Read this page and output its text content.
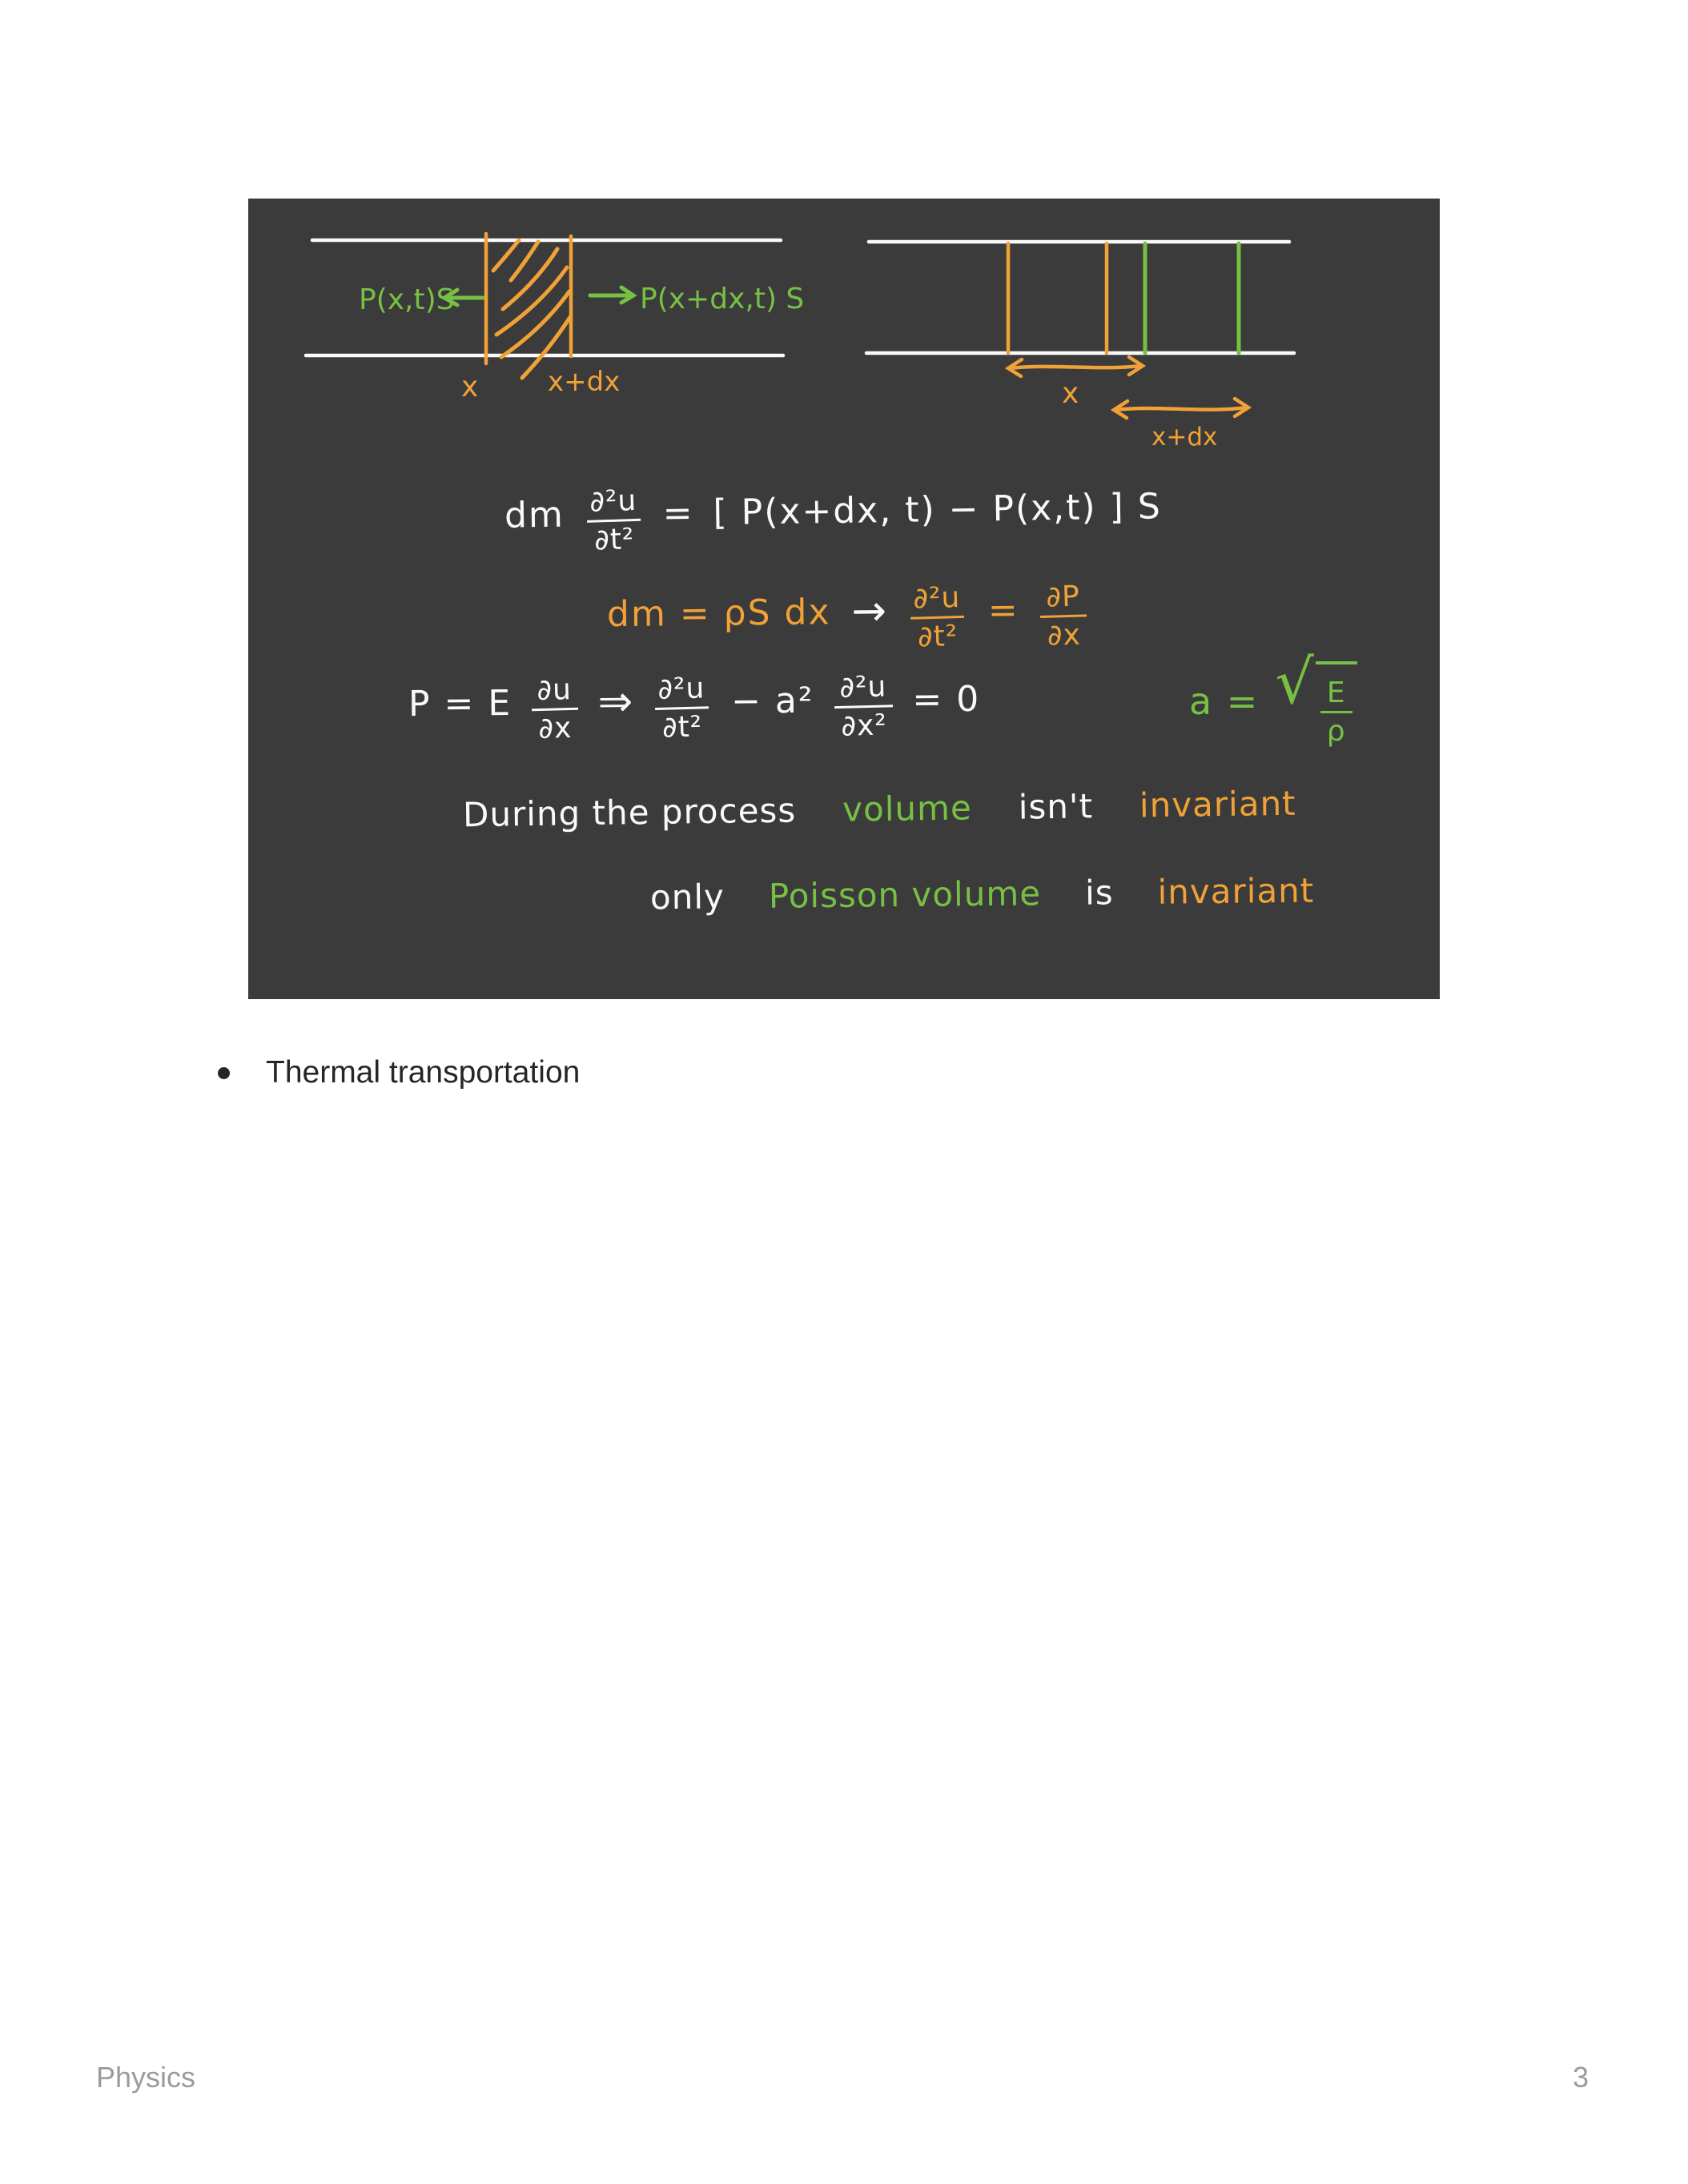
P(x,t)S	P(x+dx,t) S
x	x+dx	x
x+dx
dm $\frac{\text{∂²u}}{\text{∂t²}}$ = [ P(x+dx, t) − P(x,t) ] S
dm = ρS dx → $\frac{\text{∂²u}}{\text{∂t²}} = \frac{\partial P}{\partial x}$
P = E $\frac{\partial u}{\partial x}$ ⇒ $\frac{\text{∂²u}}{\text{∂t²}} - a^2 \frac{\text{∂²u}}{\text{∂x²}} = 0$	a = √ $\frac{E}{\rho}$
During the process volume isn't invariant
only Poisson volume is invariant
Thermal transportation
Physics	3
